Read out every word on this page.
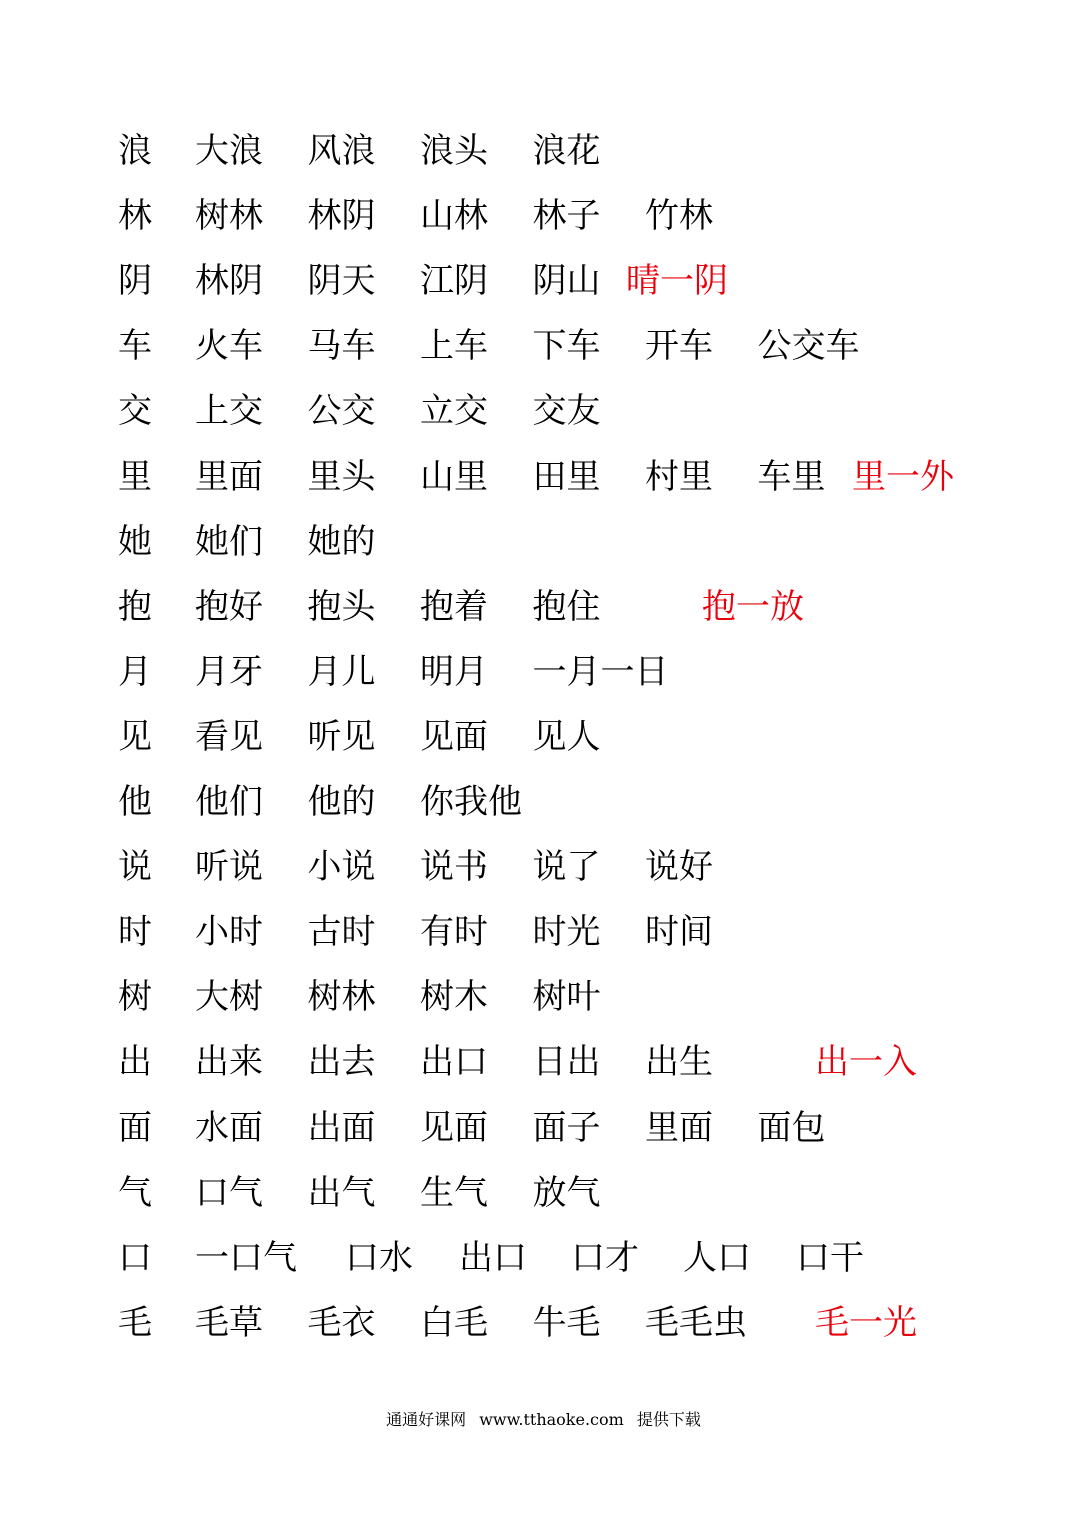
浪 大浪 风浪 浪头 浪花
林 树林 林阴 山林 林子 竹林
阴 林阴 阴天 江阴 阴山 晴一阴
车 火车 马车 上车 下车 开车 公交车
交 上交 公交 立交 交友
里 里面 里头 山里 田里 村里 车里 里一外
她 她们 她的
抱 抱好 抱头 抱着 抱住	抱一放
月 月牙 月儿 明月 一月一日
见 看见 听见 见面 见人
他 他们 他的 你我他
说 听说 小说 说书 说了 说好
时 小时 古时 有时 时光 时间
树 大树 树林 树木 树叶
出 出来 出去 出口 日出 出生	出一入
面 水面 出面 见面 面子 里面 面包
气 口气 出气 生气 放气
口 一口气 口水 出口 口才 人口 口干
毛 毛草 毛衣 白毛 牛毛 毛毛虫 毛一光
通通好课网 www.tthaoke.com 提供下载
